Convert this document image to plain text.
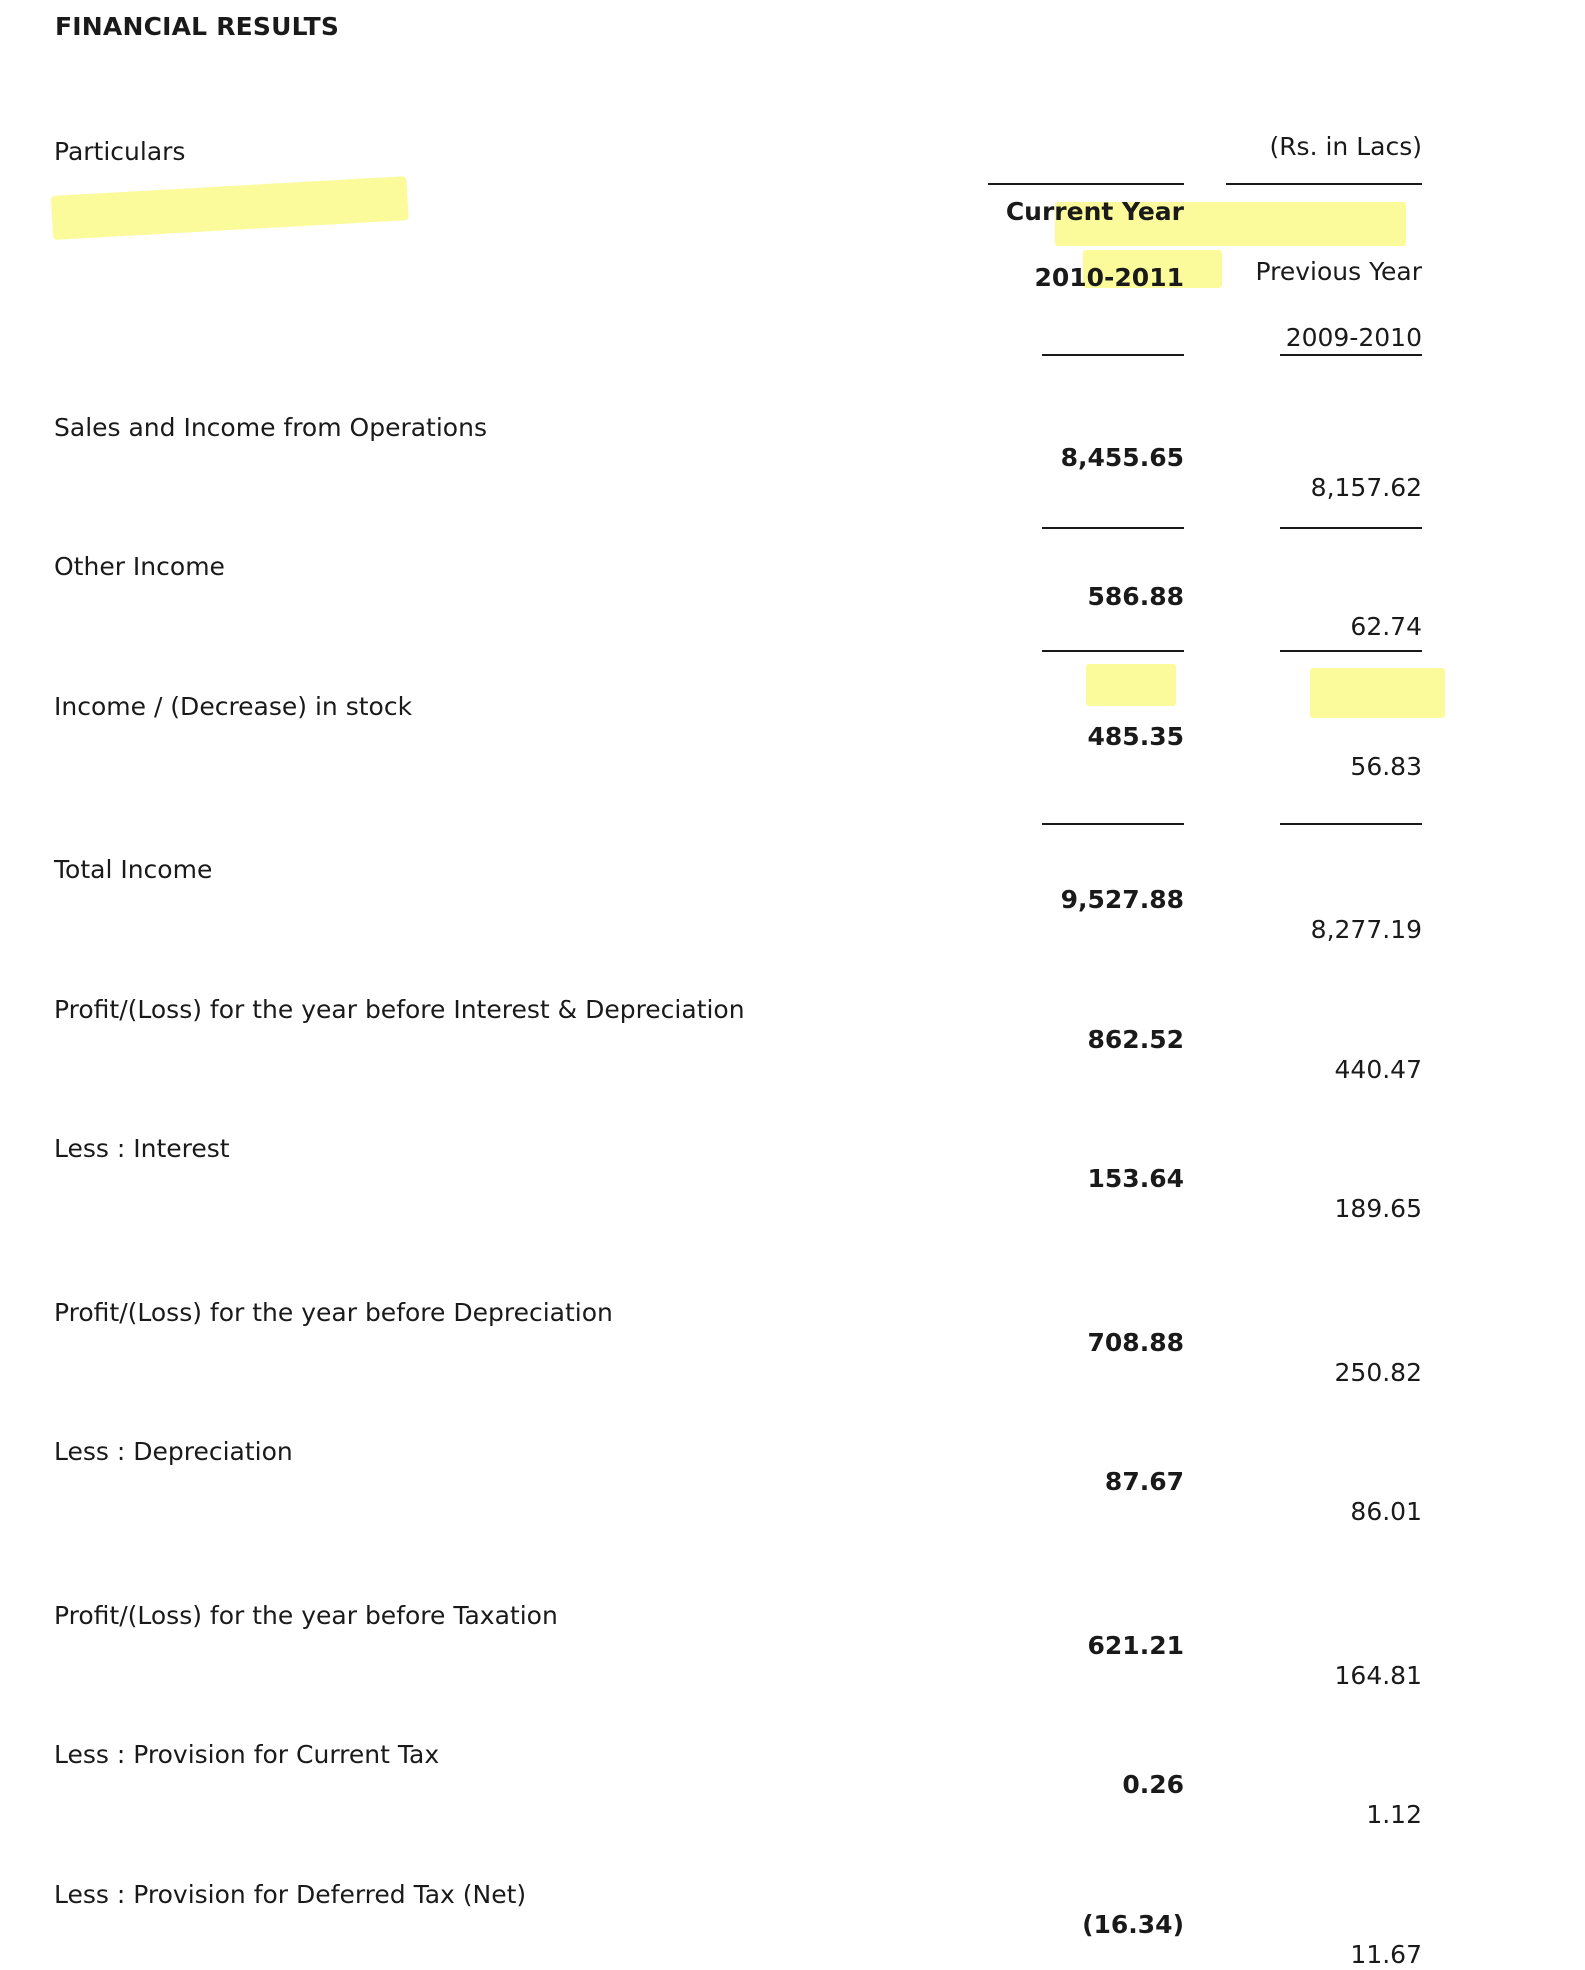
FINANCIAL RESULTS
Particulars	(Rs. in Lacs)
Current Year
2010-2011	Previous Year
2009-2010
Sales and Income from Operations
8,455.65
8,157.62
Other Income
586.88
62.74
Income / (Decrease) in stock
485.35
56.83
Total Income
9,527.88
8,277.19
Profit/(Loss) for the year before Interest & Depreciation
862.52
440.47
Less : Interest
153.64
189.65
Profit/(Loss) for the year before Depreciation
708.88
250.82
Less : Depreciation
87.67
86.01
Profit/(Loss) for the year before Taxation
621.21
164.81
Less : Provision for Current Tax
0.26
1.12
Less : Provision for Deferred Tax (Net)
(16.34)
11.67
